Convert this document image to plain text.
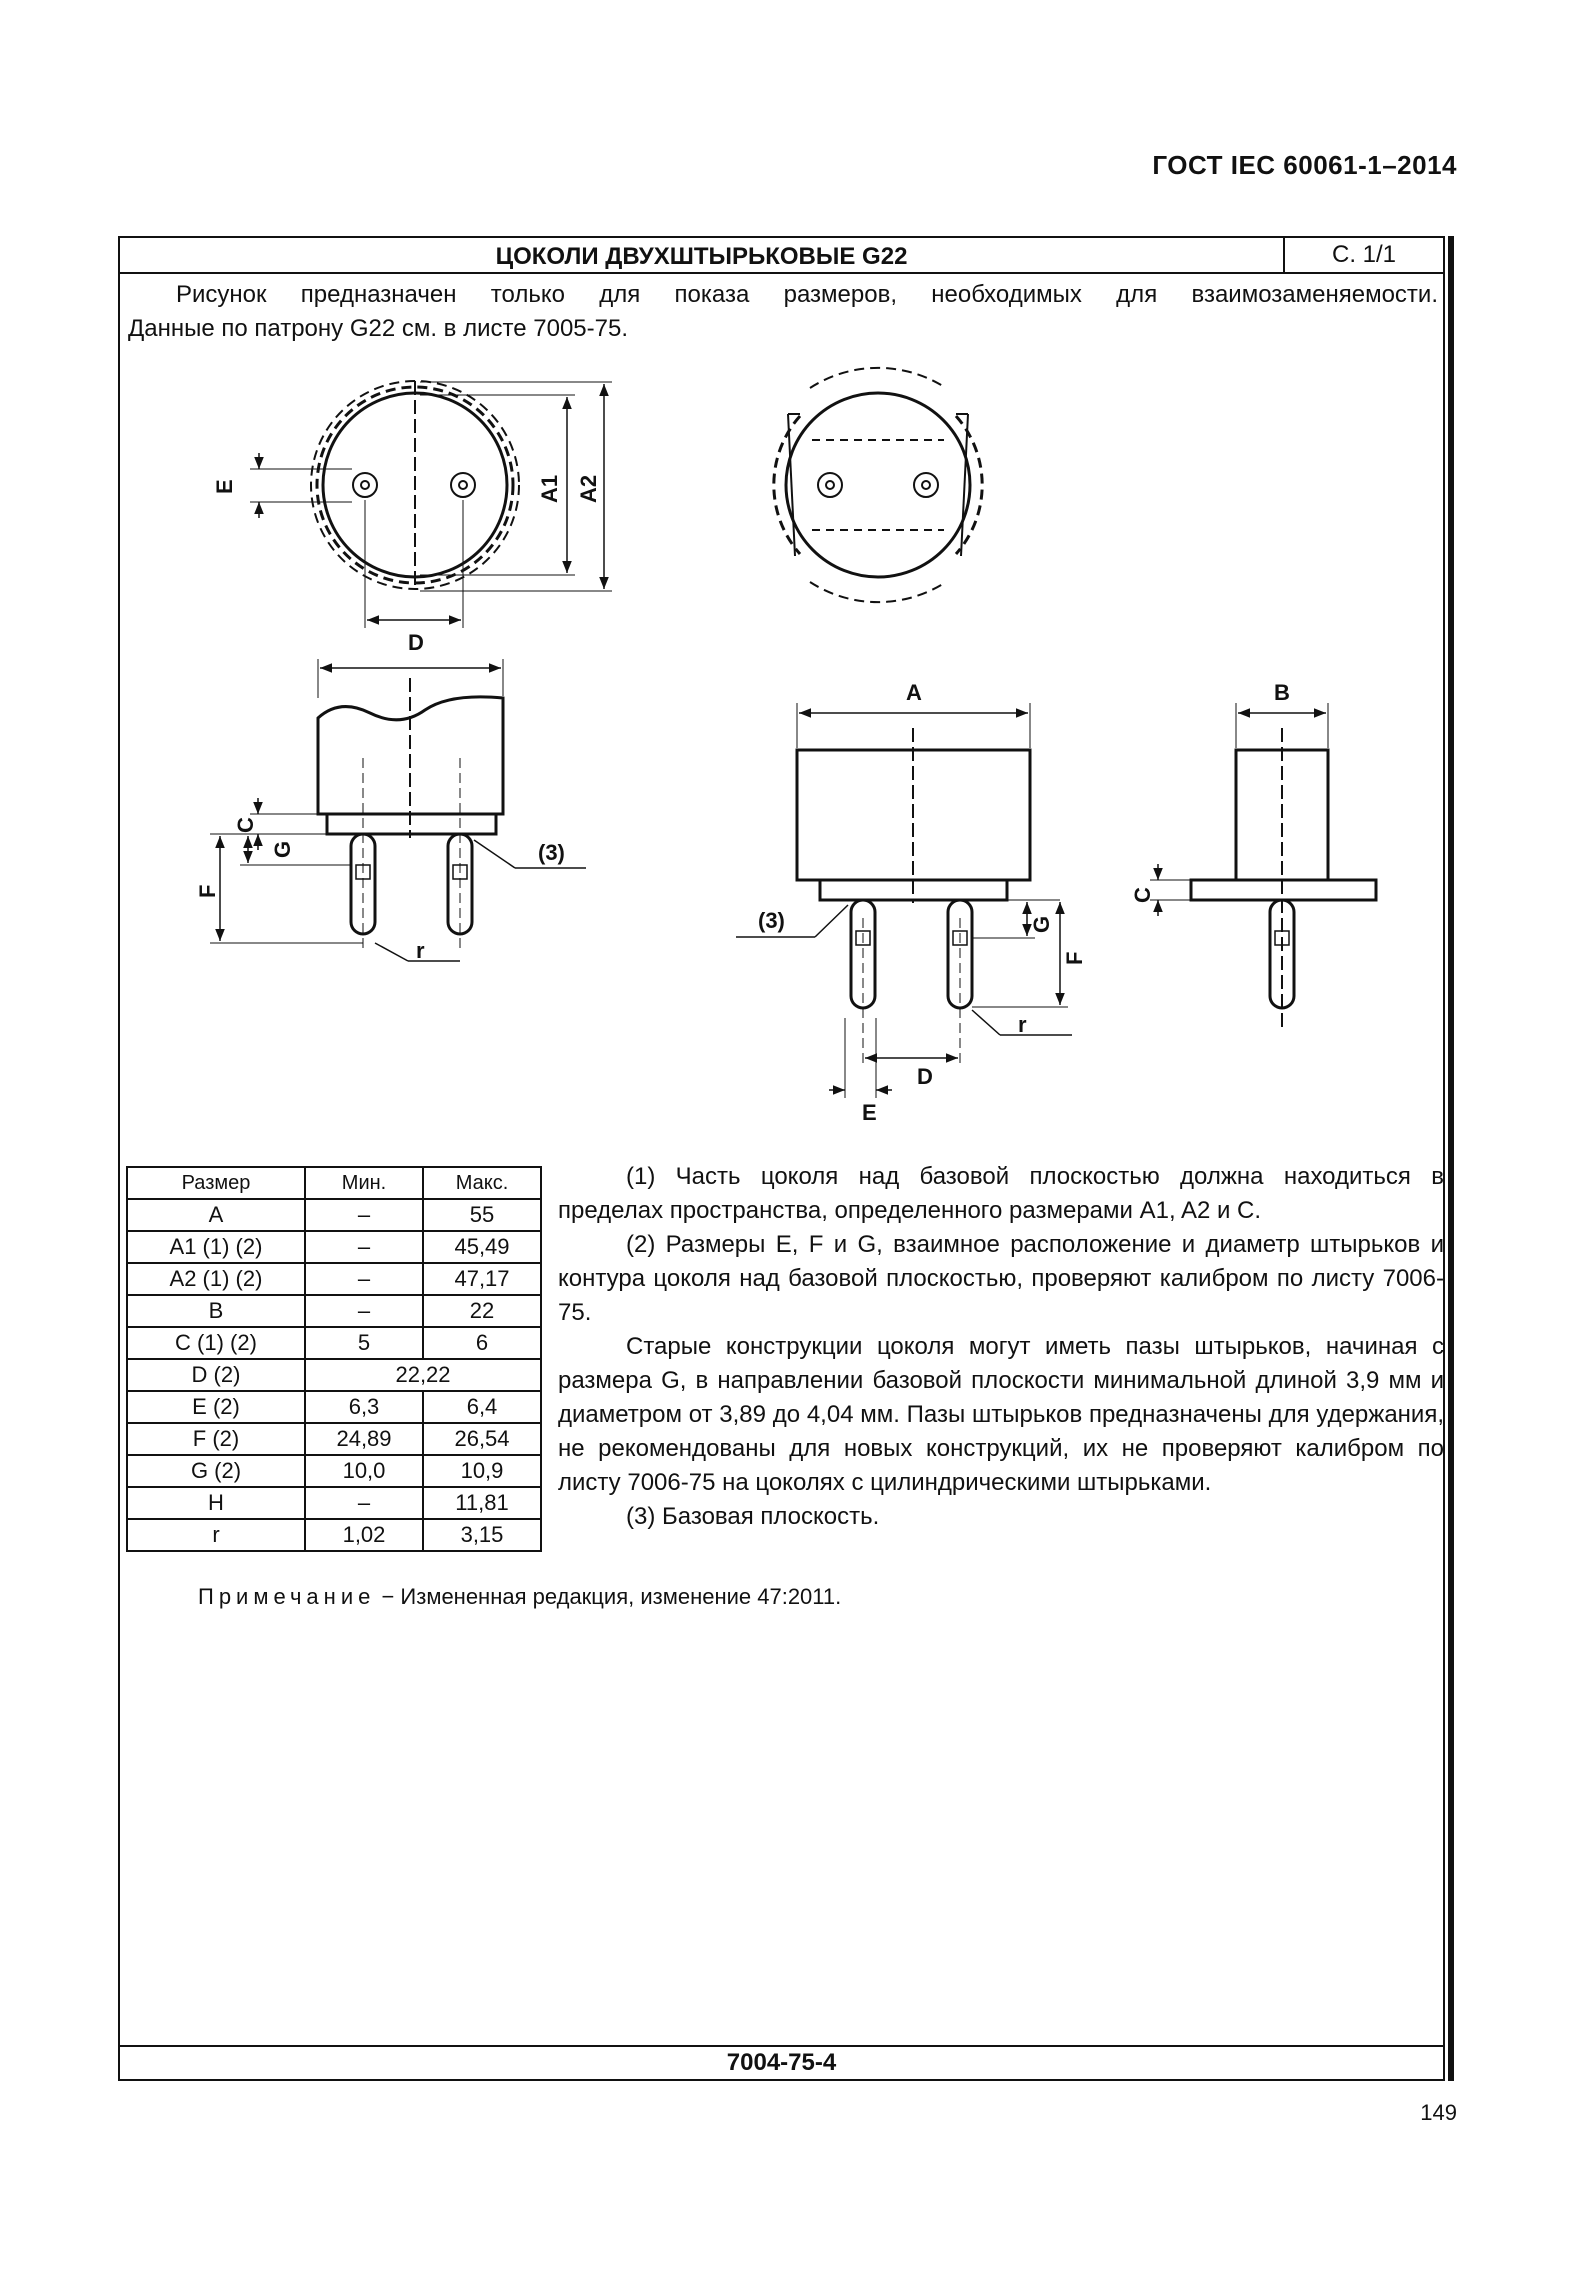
ГОСТ IEC 60061-1–2014
ЦОКОЛИ ДВУХШТЫРЬКОВЫЕ G22	С. 1/1
Рисунок предназначен только для показа размеров, необходимых для взаимозаменяемости.
Данные по патрону G22 см. в листе 7005-75.
A1 A2
D
E
C
F
G	(3)
r
A
(3)	G
F
r
D
E
B
C
Размер	Мин.	Макс.
A	–	55
A1 (1) (2)	–	45,49
A2 (1) (2)	–	47,17
B	–	22
C (1) (2)	5	6
D (2)	22,22	
E (2)	6,3	6,4
F (2)	24,89	26,54
G (2)	10,0	10,9
H	–	11,81
r	1,02	3,15

(1) Часть цоколя над базовой плоскостью должна находиться в пределах пространства, определенного размерами A1, A2 и C.

(2) Размеры E, F и G, взаимное расположение и диаметр штырьков и контура цоколя над базовой плоскостью, проверяют калибром по листу 7006-75.

Старые конструкции цоколя могут иметь пазы штырьков, начиная с размера G, в направлении базовой плоскости минимальной длиной 3,9 мм и диаметром от 3,89 до 4,04 мм. Пазы штырьков предназначены для удержания, не рекомендованы для новых конструкций, их не проверяют калибром по листу 7006-75 на цоколях с цилиндрическими штырьками.

(3) Базовая плоскость.

Примечание − Измененная редакция, изменение 47:2011.
7004-75-4
149
